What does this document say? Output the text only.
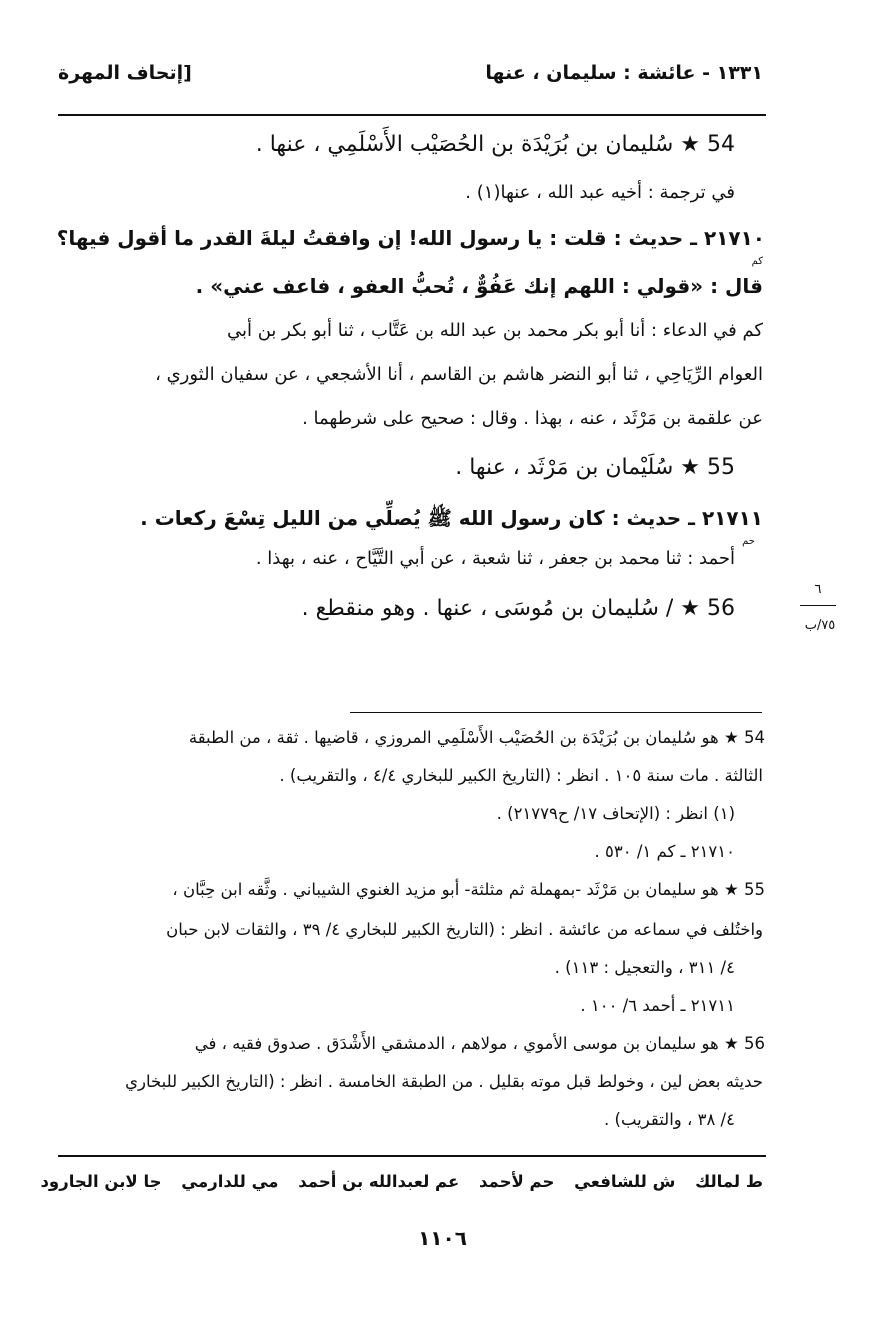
١٣٣١ - عائشة : سليمان ، عنها
[إتحاف المهرة
54 ★ سُليمان بن بُرَيْدَة بن الحُصَيْب الأَسْلَمِي ، عنها .
في ترجمة : أخيه عبد الله ، عنها(١) .
٢١٧١٠ ـ حديث : قلت : يا رسول الله! إن وافقتُ ليلةَ القدر ما أقول فيها؟
كم
قال : «قولي : اللهم إنك عَفُوٌّ ، تُحبُّ العفو ، فاعف عني» .
كم في الدعاء : أنا أبو بكر محمد بن عبد الله بن عَتَّاب ، ثنا أبو بكر بن أبي
العوام الرِّيَاحِي ، ثنا أبو النضر هاشم بن القاسم ، أنا الأشجعي ، عن سفيان الثوري ،
عن علقمة بن مَرْثَد ، عنه ، بهذا . وقال : صحيح على شرطهما .
55 ★ سُلَيْمان بن مَرْثَد ، عنها .
٢١٧١١ ـ حديث : كان رسول الله ﷺ يُصلِّي من الليل تِسْعَ ركعات .
حم
أحمد : ثنا محمد بن جعفر ، ثنا شعبة ، عن أبي التَّيَّاح ، عنه ، بهذا .
56 ★ / سُليمان بن مُوسَى ، عنها . وهو منقطع .
٦
٧٥/ب
54 ★ هو سُليمان بن بُرَيْدَة بن الحُصَيْب الأَسْلَمِي المروزي ، قاضيها . ثقة ، من الطبقة
الثالثة . مات سنة ١٠٥ . انظر : (التاريخ الكبير للبخاري ٤/٤ ، والتقريب) .
(١) انظر : (الإتحاف ١٧/ ح٢١٧٧٩) .
٢١٧١٠ ـ كم ١/ ٥٣٠ .
55 ★ هو سليمان بن مَرْثَد -بمهملة ثم مثلثة- أبو مزيد الغنوي الشيباني . وثَّقه ابن حِبَّان ،
واختُلف في سماعه من عائشة . انظر : (التاريخ الكبير للبخاري ٤/ ٣٩ ، والثقات لابن حبان
٤/ ٣١١ ، والتعجيل : ١١٣) .
٢١٧١١ ـ أحمد ٦/ ١٠٠ .
56 ★ هو سليمان بن موسى الأموي ، مولاهم ، الدمشقي الأَشْدَق . صدوق فقيه ، في
حديثه بعض لين ، وخولط قبل موته بقليل . من الطبقة الخامسة . انظر : (التاريخ الكبير للبخاري
٤/ ٣٨ ، والتقريب) .
ط لمالك ش للشافعي حم لأحمد عم لعبدالله بن أحمد مي للدارمي جا لابن الجارود
١١٠٦
